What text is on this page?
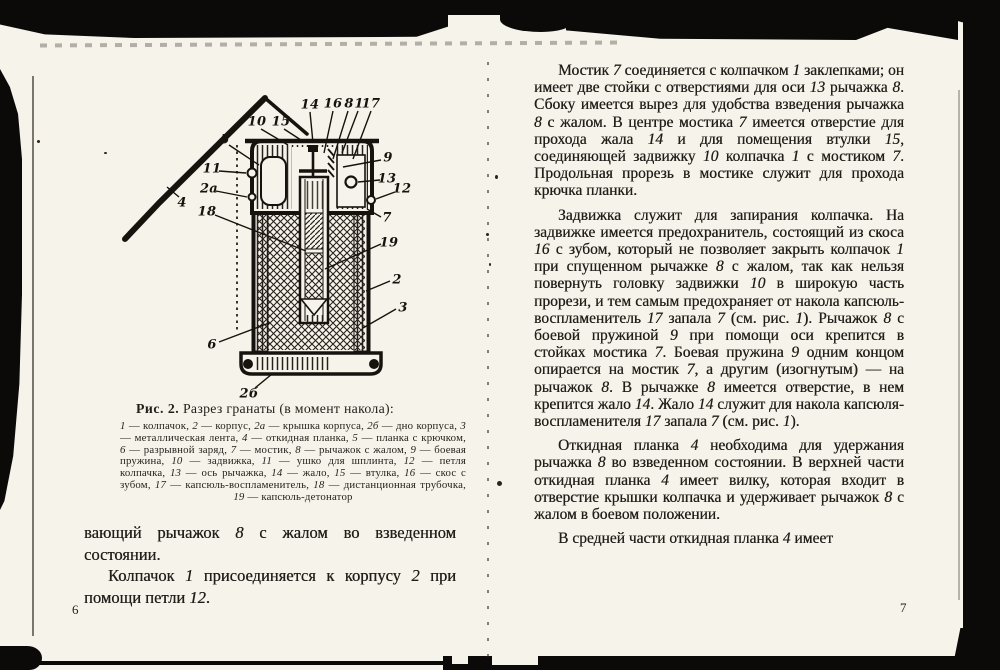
14 16 8 1
17
10 15
5
11
2а
18
4
9
13
12
7
19
2
3
6
2б
Рис. 2. Разрез гранаты (в момент накола):
1 — колпачок, 2 — корпус, 2а — крышка корпуса, 2б — дно корпуса, 3 — металлическая лента, 4 — откидная планка, 5 — планка с крючком, 6 — разрывной заряд, 7 — мостик, 8 — рычажок с жалом, 9 — боевая пружина, 10 — задвижка, 11 — ушко для шплинта, 12 — петля колпачка, 13 — ось рычажка, 14 — жало, 15 — втулка, 16 — скос с зубом, 17 — капсюль-воспламенитель, 18 — дистанционная трубочка, 19 — капсюль-детонатор

вающий рычажок 8 с жалом во взведенном состоянии.

Колпачок 1 присоединяется к корпусу 2 при помощи петли 12.

6

Мостик 7 соединяется с колпачком 1 заклепками; он имеет две стойки с отверстиями для оси 13 рычажка 8. Сбоку имеется вырез для удобства взведения рычажка 8 с жалом. В центре мостика 7 имеется отверстие для прохода жала 14 и для помещения втулки 15, соединяющей задвижку 10 колпачка 1 с мостиком 7. Продольная прорезь в мостике служит для прохода крючка планки.

Задвижка служит для запирания колпачка. На задвижке имеется предохранитель, состоящий из скоса 16 с зубом, который не позволяет закрыть колпачок 1 при спущенном рычажке 8 с жалом, так как нельзя повернуть головку задвижки 10 в широкую часть прорези, и тем самым предохраняет от накола капсюль-воспламенитель 17 запала 7 (см. рис. 1). Рычажок 8 с боевой пружиной 9 при помощи оси крепится в стойках мостика 7. Боевая пружина 9 одним концом опирается на мостик 7, а другим (изогнутым) — на рычажок 8. В рычажке 8 имеется отверстие, в нем крепится жало 14. Жало 14 служит для накола капсюля-воспламенителя 17 запала 7 (см. рис. 1).

Откидная планка 4 необходима для удержания рычажка 8 во взведенном состоянии. В верхней части откидная планка 4 имеет вилку, которая входит в отверстие крышки колпачка и удерживает рычажок 8 с жалом в боевом положении.

В средней части откидная планка 4 имеет

7
